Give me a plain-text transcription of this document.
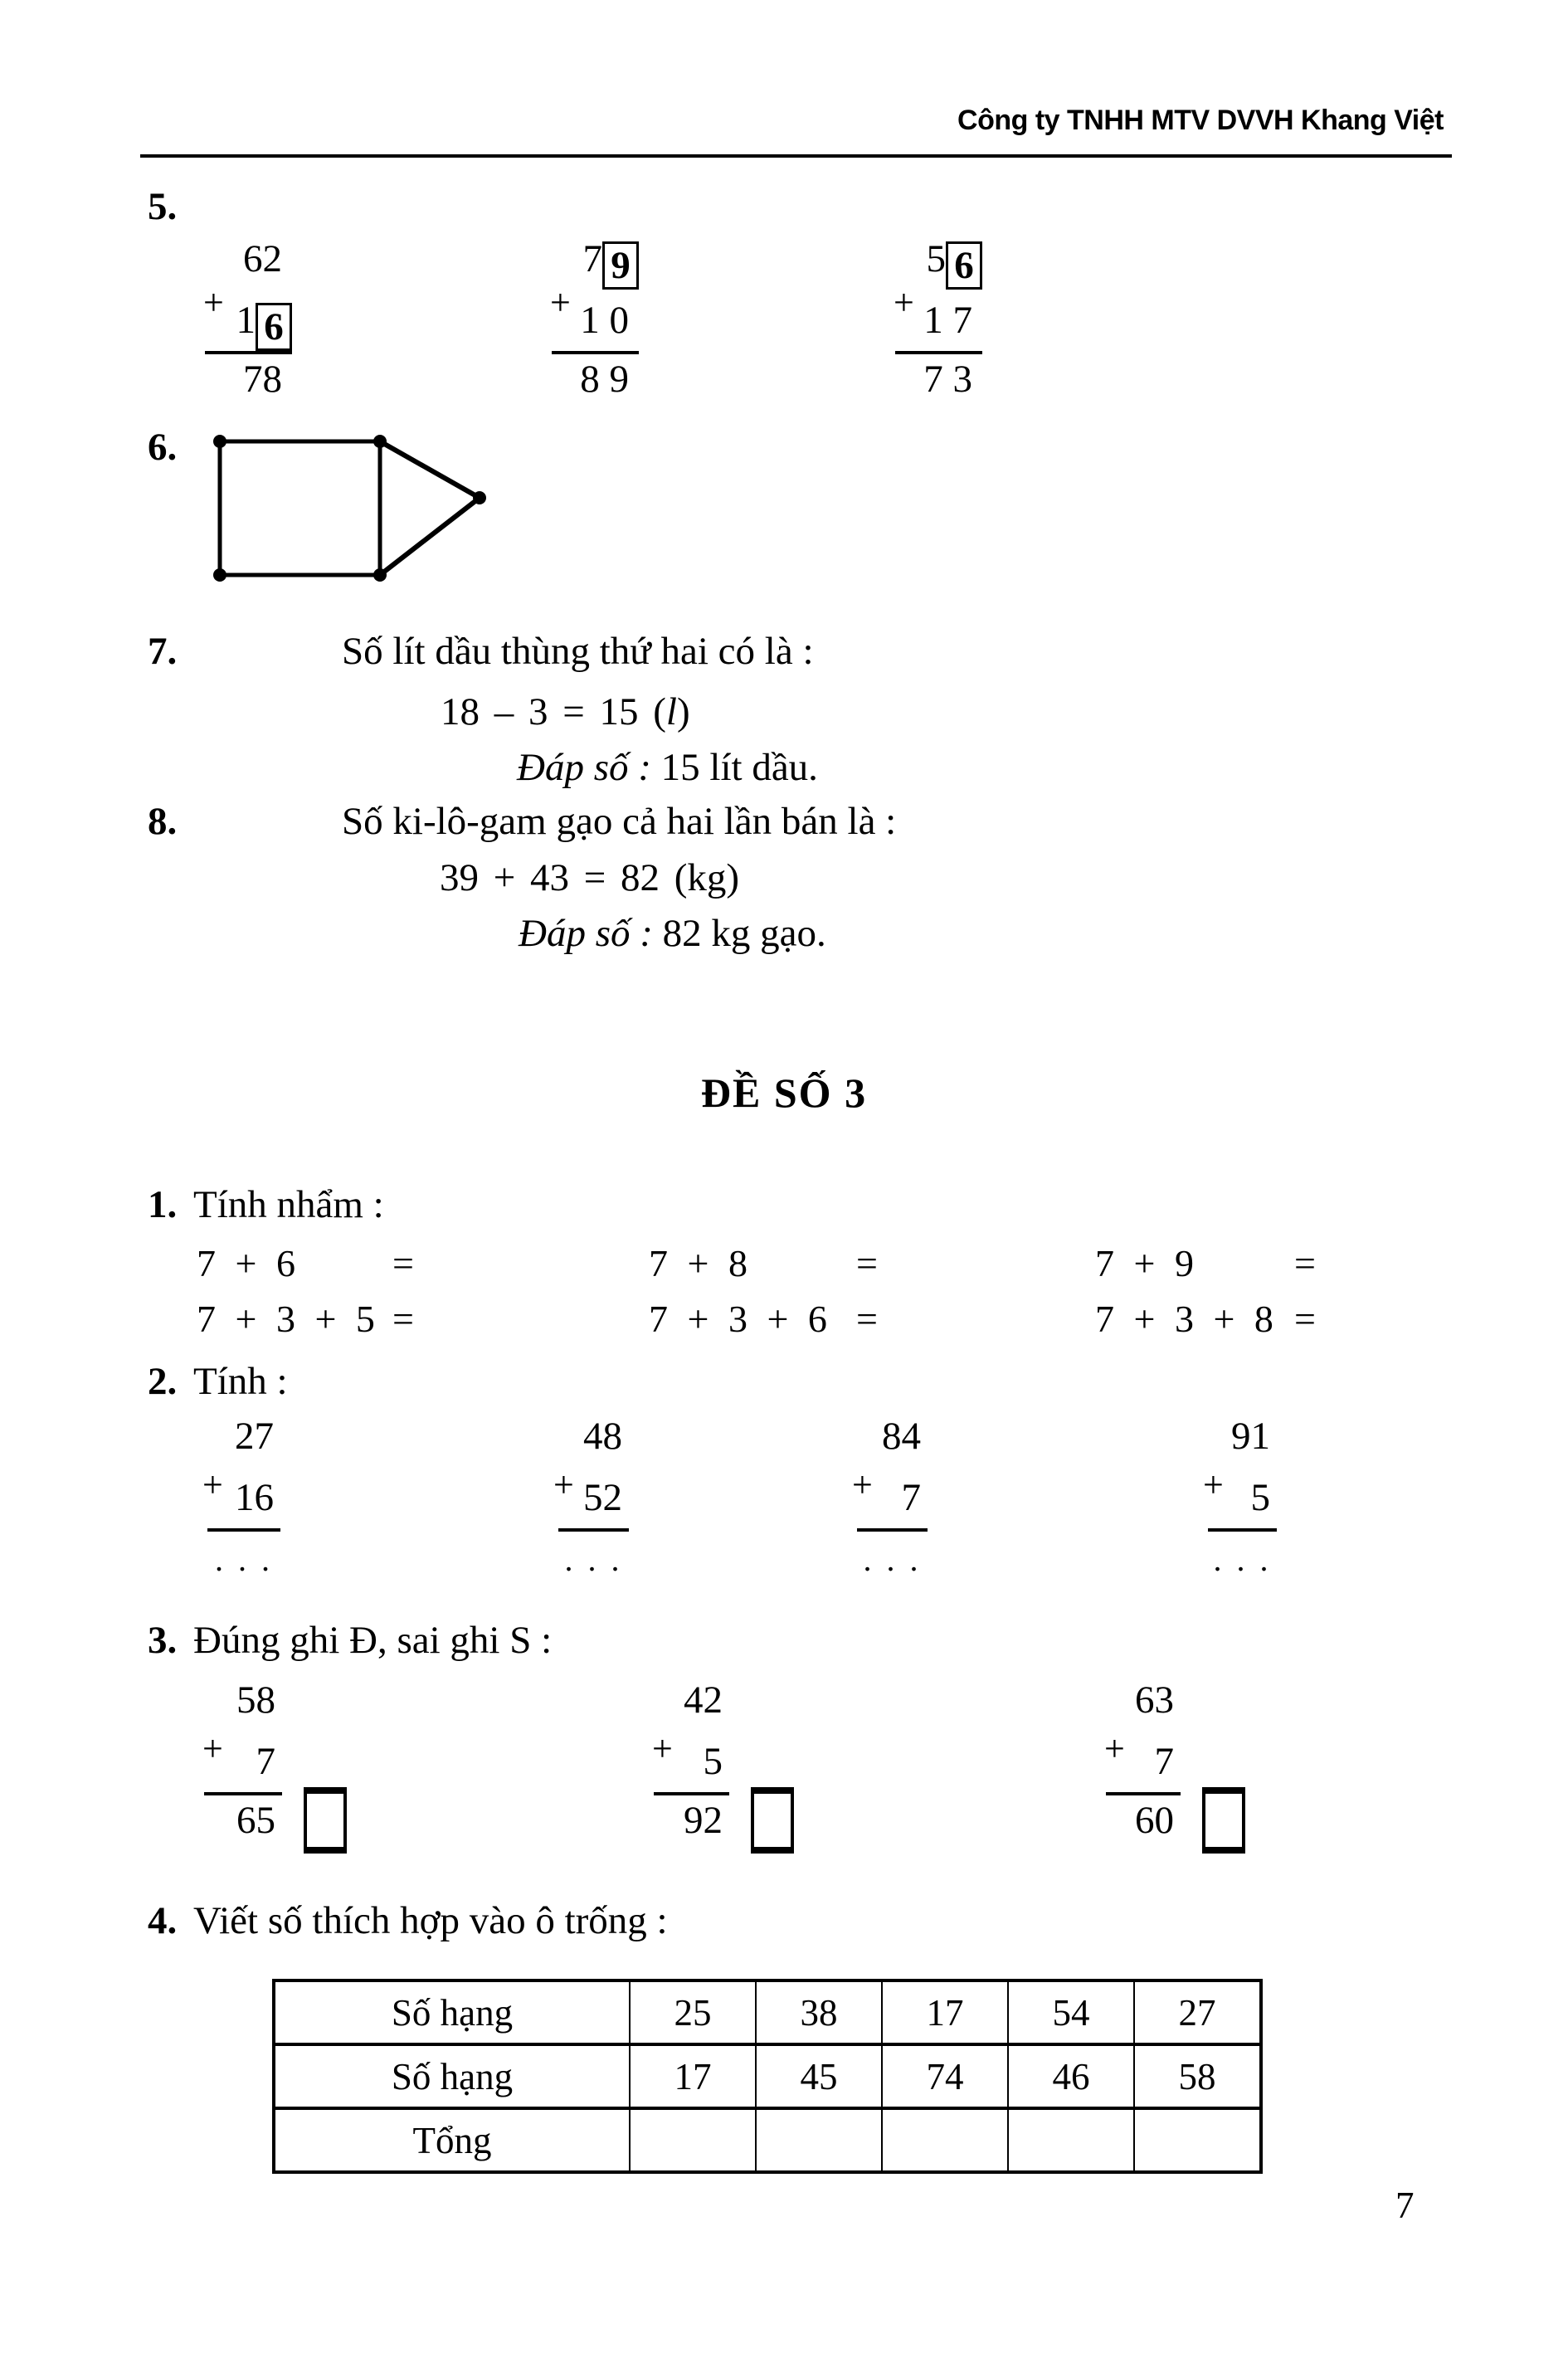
Công ty TNHH MTV DVVH Khang Việt
5.
+
62
1 6
78
+
7 9
1 0
8 9
+
5 6
1 7
7 3
6.
7.	Số lít dầu thùng thứ hai có là :
18 – 3 = 15 (l)
Đáp số : 15 lít dầu.
8.	Số ki-lô-gam gạo cả hai lần bán là :
39 + 43 = 82 (kg)
Đáp số : 82 kg gạo.
ĐỀ SỐ 3
1. Tính nhẩm :
7 + 6	=	7 + 8	=	7 + 9	=
7 + 3 + 5 =	7 + 3 + 6 =	7 + 3 + 8 =
2. Tính :
+
27
16
. . .
+
48
52
. . .
+
84
7
. . .
+
91
5
. . .
3. Đúng ghi Đ, sai ghi S :
+
58
7
65
+
42
5
92
+
63
7
60
4. Viết số thích hợp vào ô trống :
Số hạng	25	38	17	54	27
Số hạng	17	45	74	46	58
Tổng					
7
